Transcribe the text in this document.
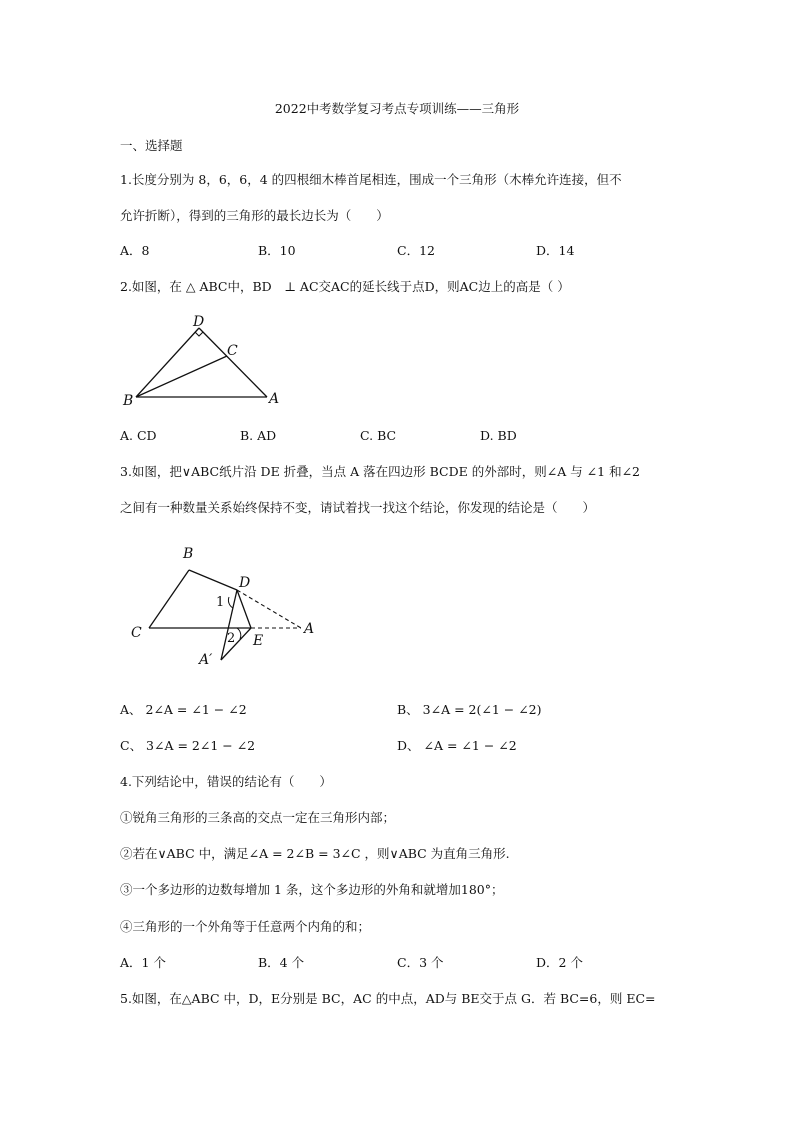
2022中考数学复习考点专项训练——三角形
一、选择题
1.长度分别为 8，6，6，4 的四根细木棒首尾相连，围成一个三角形（木棒允许连接，但不
允许折断），得到的三角形的最长边长为（　　）
A．8	B．10	C．12	D．14
2.如图，在 △ ABC中，BD　⊥ AC交AC的延长线于点D，则AC边上的高是（ ）
D
C
B	A
A. CD	B. AD	C. BC	D. BD
3.如图，把∨ABC纸片沿 DE 折叠，当点 A 落在四边形 BCDE 的外部时，则∠A 与 ∠1 和∠2
之间有一种数量关系始终保持不变，请试着找一找这个结论，你发现的结论是（　　）
B
D
C	E
A
A′
1
2
A、 2∠A = ∠1 − ∠2	B、 3∠A = 2(∠1 − ∠2)
C、 3∠A = 2∠1 − ∠2	D、 ∠A = ∠1 − ∠2
4.下列结论中，错误的结论有（　　）
①锐角三角形的三条高的交点一定在三角形内部；
②若在∨ABC 中，满足∠A = 2∠B = 3∠C ，则∨ABC 为直角三角形.
③一个多边形的边数每增加 1 条，这个多边形的外角和就增加180°；
④三角形的一个外角等于任意两个内角的和；
A．1 个	B．4 个	C．3 个	D．2 个
5.如图，在△ABC 中，D，E分别是 BC，AC 的中点，AD与 BE交于点 G．若 BC=6，则 EC=
